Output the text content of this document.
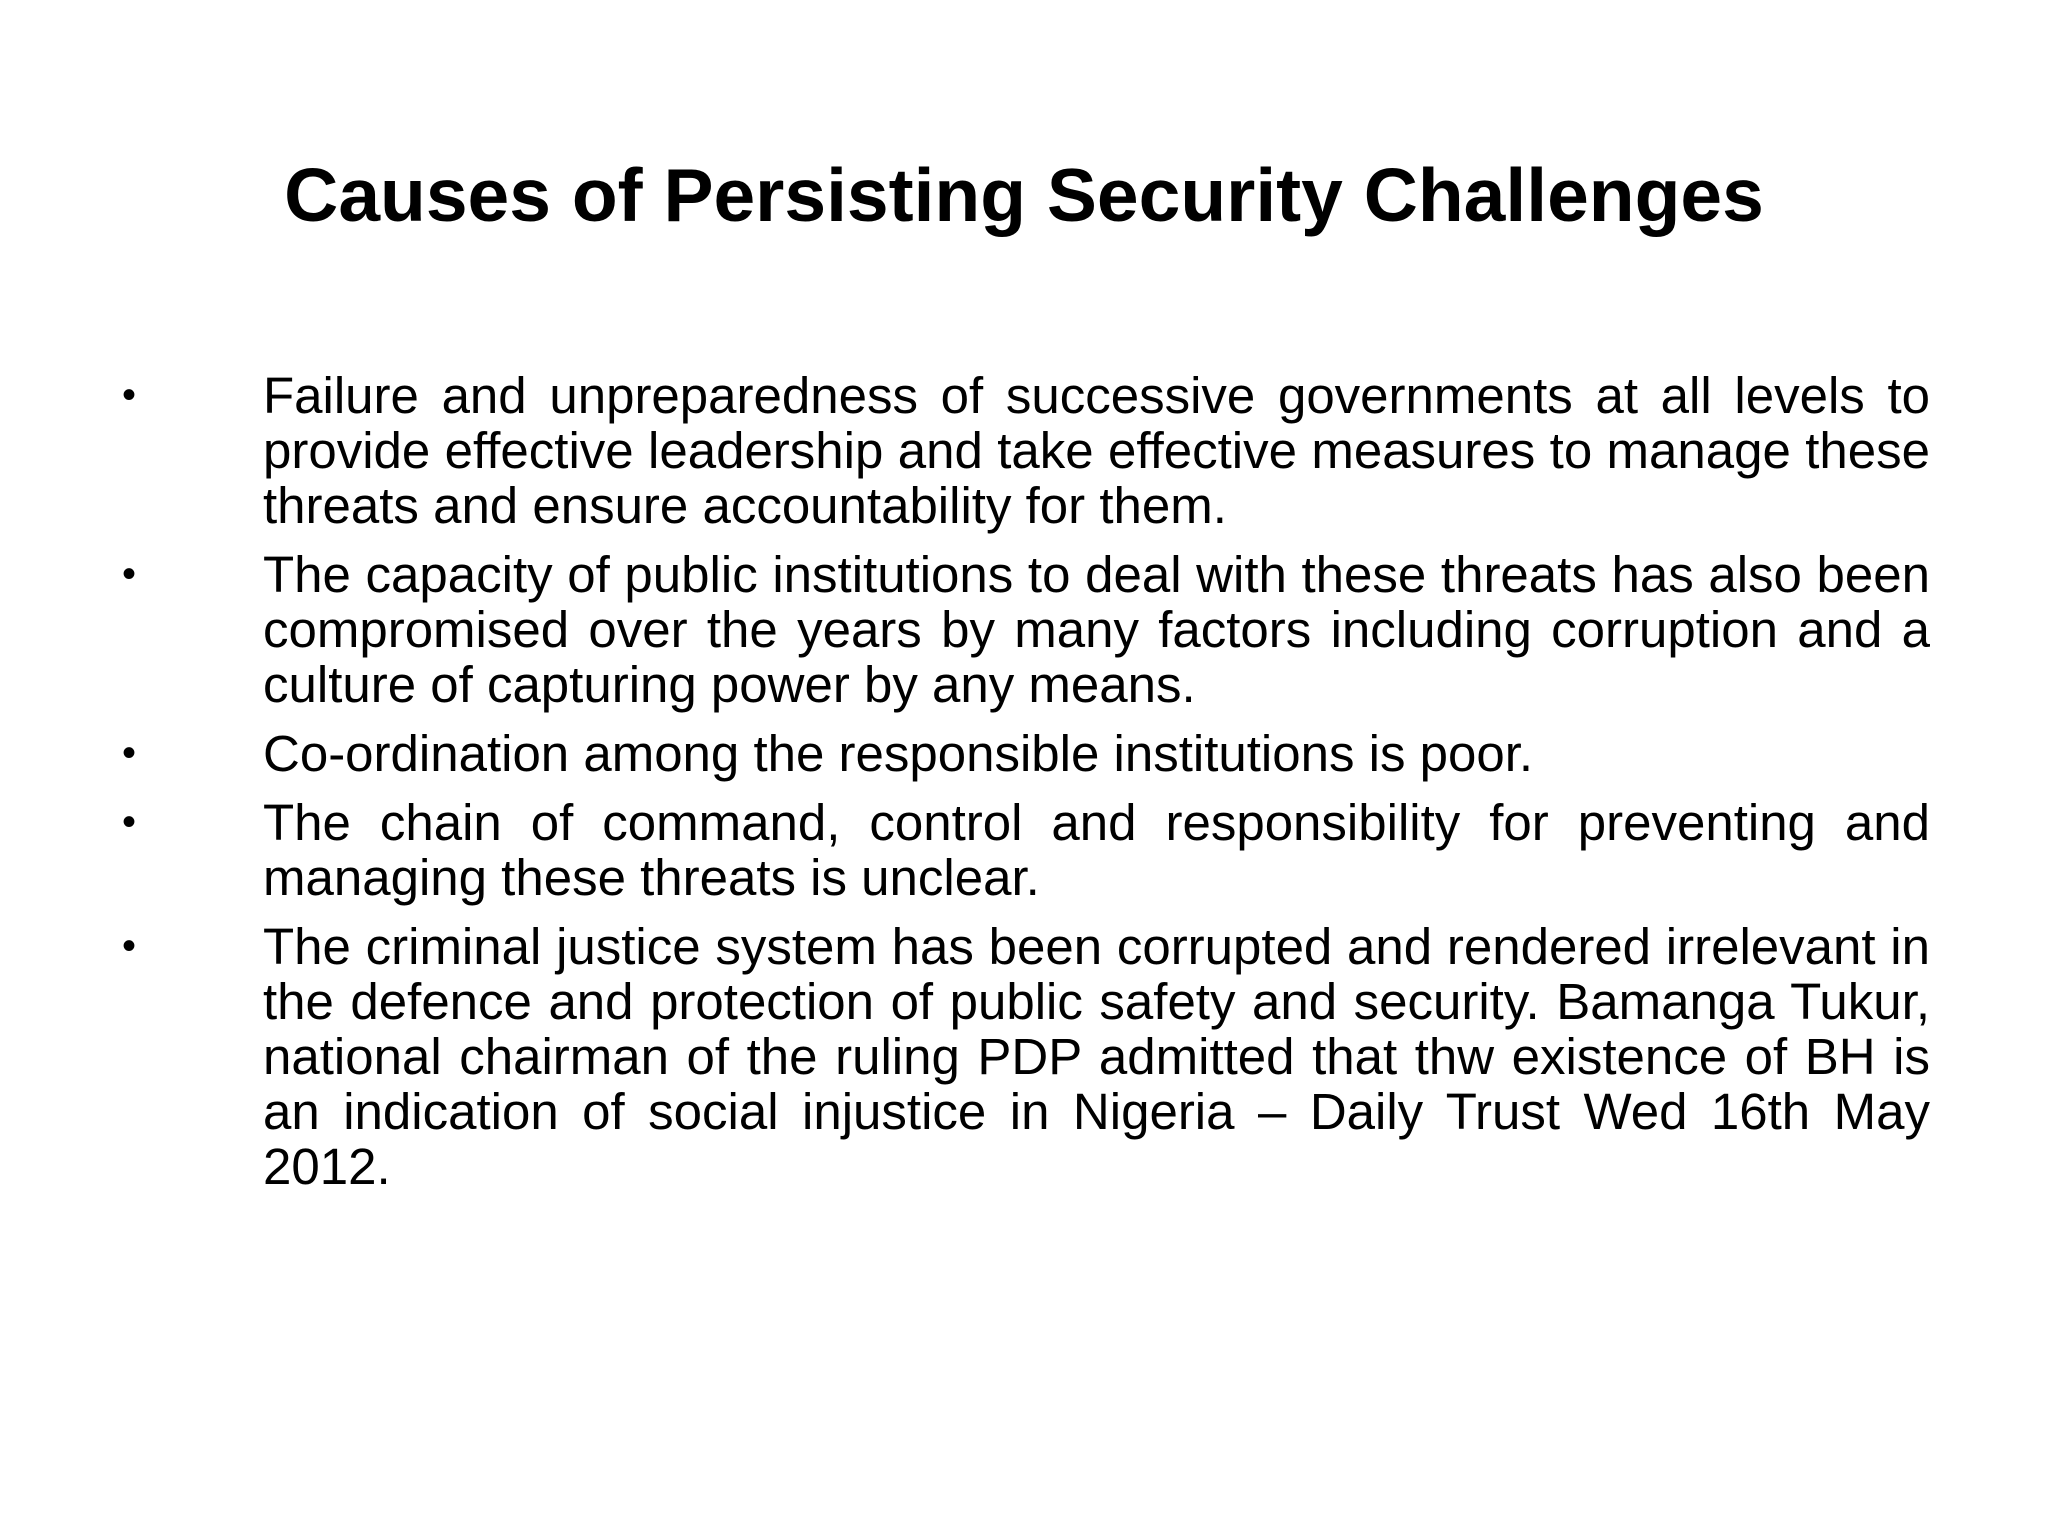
Causes of Persisting Security Challenges
• Failure and unpreparedness of successive governments at all levels to provide effective leadership and take effective measures to manage these threats and ensure accountability for them.
• The capacity of public institutions to deal with these threats has also been compromised over the years by many factors including corruption and a culture of capturing power by any means.
• Co-ordination among the responsible institutions is poor.
• The chain of command, control and responsibility for preventing and managing these threats is unclear.
• The criminal justice system has been corrupted and rendered irrelevant in the defence and protection of public safety and security. Bamanga Tukur, national chairman of the ruling PDP admitted that thw existence of BH is an indication of social injustice in Nigeria – Daily Trust Wed 16th May 2012.
